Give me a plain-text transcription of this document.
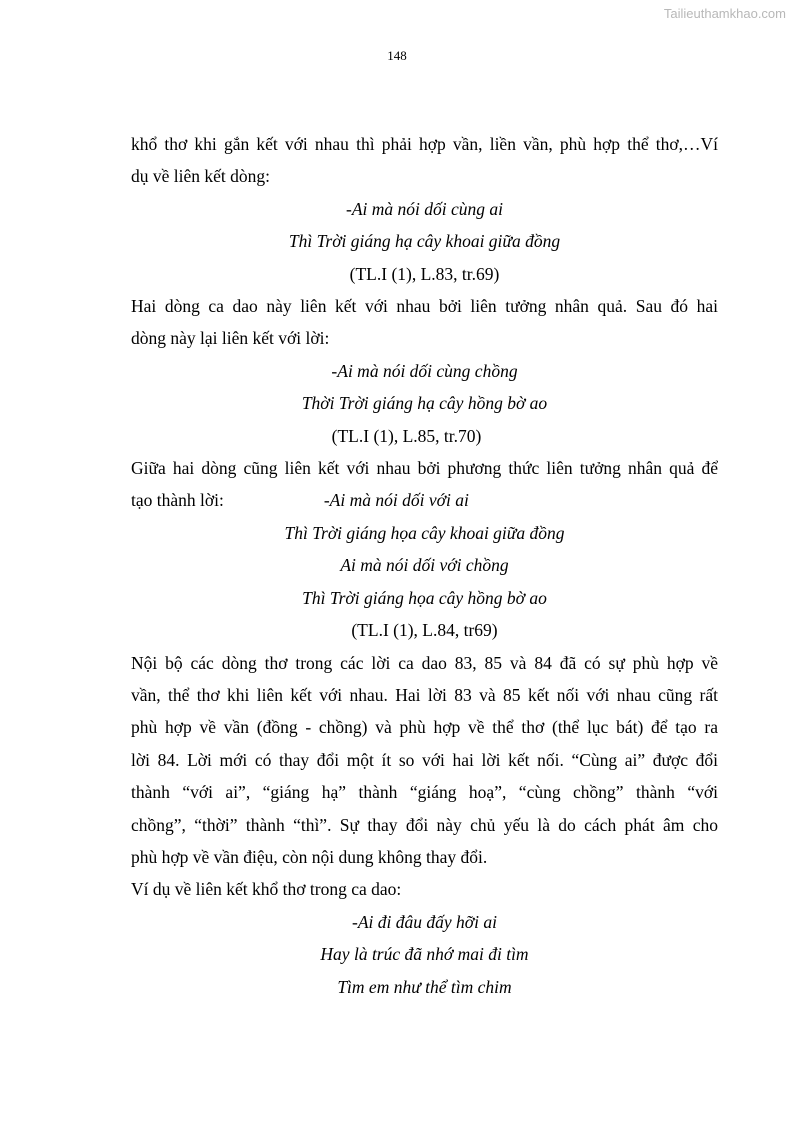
Tailieuthamkhao.com
148

khổ thơ khi gắn kết với nhau thì phải hợp vần, liền vần, phù hợp thể thơ,…Ví

dụ về liên kết dòng:

-Ai mà nói dối cùng ai

Thì Trời giáng hạ cây khoai giữa đồng

(TL.I (1), L.83, tr.69)

Hai dòng ca dao này liên kết với nhau bởi liên tưởng nhân quả. Sau đó hai

dòng này lại liên kết với lời:

-Ai mà nói dối cùng chồng

Thời Trời giáng hạ cây hồng bờ ao

(TL.I (1), L.85, tr.70)

Giữa hai dòng cũng liên kết với nhau bởi phương thức liên tưởng nhân quả để

tạo thành lời:	-Ai mà nói dối với ai

Thì Trời giáng họa cây khoai giữa đồng

Ai mà nói dối với chồng

Thì Trời giáng họa cây hồng bờ ao

(TL.I (1), L.84, tr69)

Nội bộ các dòng thơ trong các lời ca dao 83, 85 và 84 đã có sự phù hợp về

vần, thể thơ khi liên kết với nhau. Hai lời 83 và 85 kết nối với nhau cũng rất

phù hợp về vần (đồng - chồng) và phù hợp về thể thơ (thể lục bát) để tạo ra

lời 84. Lời mới có thay đổi một ít so với hai lời kết nối. “Cùng ai” được đổi

thành “với ai”, “giáng hạ” thành “giáng hoạ”, “cùng chồng” thành “với

chồng”, “thời” thành “thì”. Sự thay đổi này chủ yếu là do cách phát âm cho

phù hợp về vần điệu, còn nội dung không thay đổi.

Ví dụ về liên kết khổ thơ trong ca dao:

-Ai đi đâu đấy hỡi ai

Hay là trúc đã nhớ mai đi tìm

Tìm em như thể tìm chim
